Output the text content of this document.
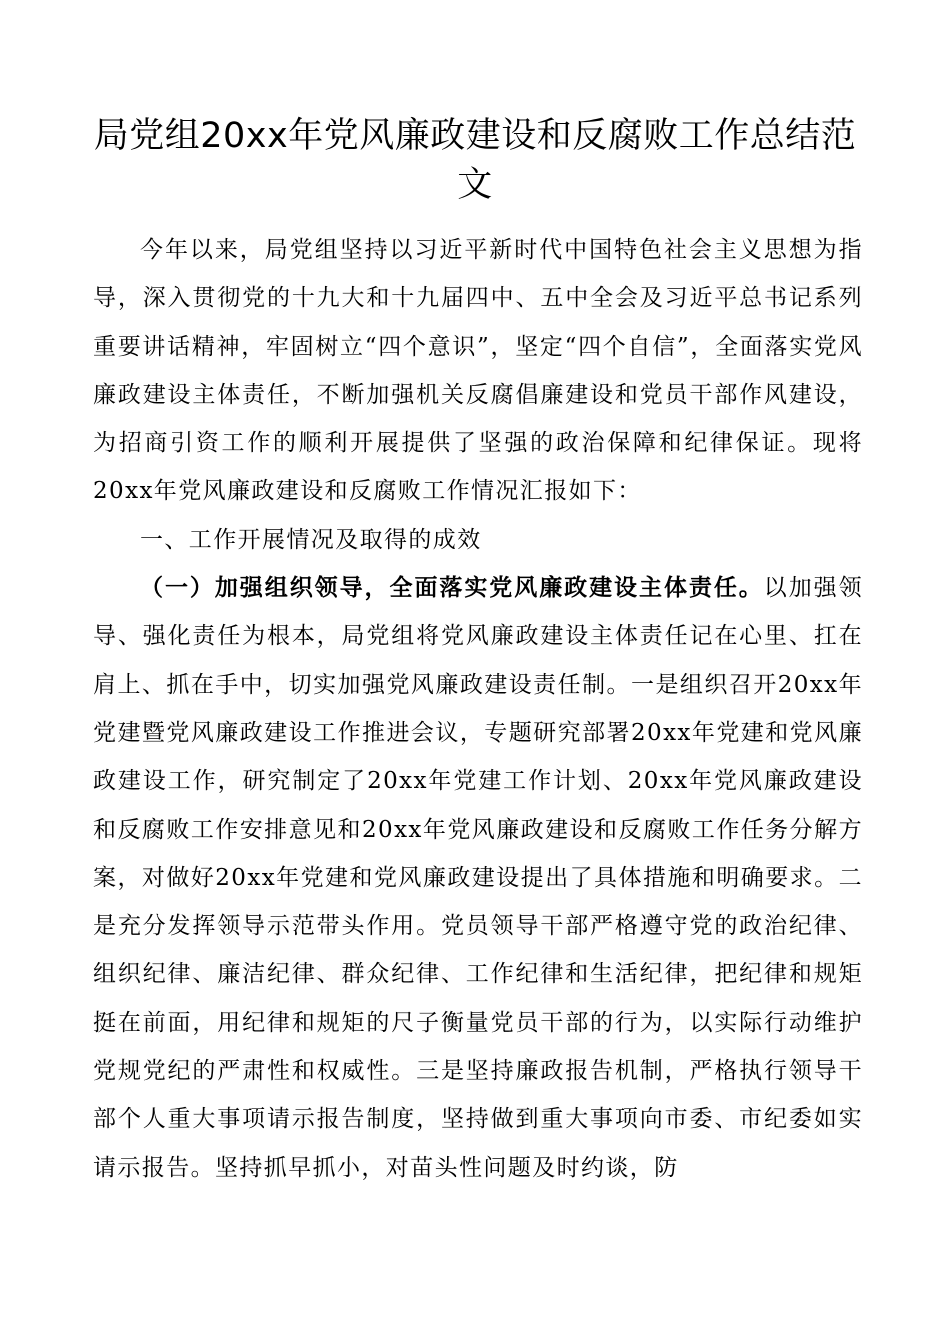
局党组20xx年党风廉政建设和反腐败工作总结范文

今年以来，局党组坚持以习近平新时代中国特色社会主义思想为指导，深入贯彻党的十九大和十九届四中、五中全会及习近平总书记系列重要讲话精神，牢固树立“四个意识”，坚定“四个自信”，全面落实党风廉政建设主体责任，不断加强机关反腐倡廉建设和党员干部作风建设，为招商引资工作的顺利开展提供了坚强的政治保障和纪律保证。现将20xx年党风廉政建设和反腐败工作情况汇报如下：

一、工作开展情况及取得的成效

（一）加强组织领导，全面落实党风廉政建设主体责任。以加强领导、强化责任为根本，局党组将党风廉政建设主体责任记在心里、扛在肩上、抓在手中，切实加强党风廉政建设责任制。一是组织召开20xx年党建暨党风廉政建设工作推进会议，专题研究部署20xx年党建和党风廉政建设工作，研究制定了20xx年党建工作计划、20xx年党风廉政建设和反腐败工作安排意见和20xx年党风廉政建设和反腐败工作任务分解方案，对做好20xx年党建和党风廉政建设提出了具体措施和明确要求。二是充分发挥领导示范带头作用。党员领导干部严格遵守党的政治纪律、组织纪律、廉洁纪律、群众纪律、工作纪律和生活纪律，把纪律和规矩挺在前面，用纪律和规矩的尺子衡量党员干部的行为，以实际行动维护党规党纪的严肃性和权威性。三是坚持廉政报告机制，严格执行领导干部个人重大事项请示报告制度，坚持做到重大事项向市委、市纪委如实请示报告。坚持抓早抓小，对苗头性问题及时约谈，防
